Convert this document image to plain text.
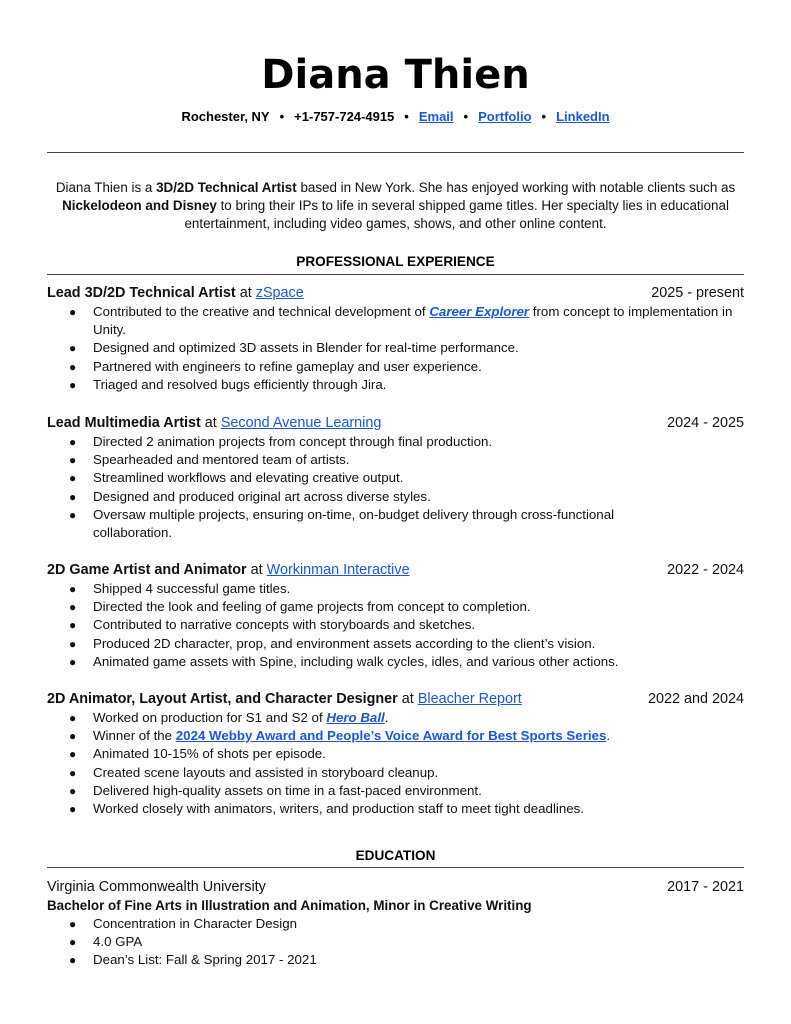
Diana Thien
Rochester, NY • +1-757-724-4915 • Email • Portfolio • LinkedIn
Diana Thien is a 3D/2D Technical Artist based in New York. She has enjoyed working with notable clients such as Nickelodeon and Disney to bring their IPs to life in several shipped game titles. Her specialty lies in educational entertainment, including video games, shows, and other online content.
PROFESSIONAL EXPERIENCE
Lead 3D/2D Technical Artist at zSpace	2025 - present
● Contributed to the creative and technical development of Career Explorer from concept to implementation in Unity.
● Designed and optimized 3D assets in Blender for real-time performance.
● Partnered with engineers to refine gameplay and user experience.
● Triaged and resolved bugs efficiently through Jira.
Lead Multimedia Artist at Second Avenue Learning	2024 - 2025
● Directed 2 animation projects from concept through final production.
● Spearheaded and mentored team of artists.
● Streamlined workflows and elevating creative output.
● Designed and produced original art across diverse styles.
● Oversaw multiple projects, ensuring on-time, on-budget delivery through cross-functional collaboration.
2D Game Artist and Animator at Workinman Interactive	2022 - 2024
● Shipped 4 successful game titles.
● Directed the look and feeling of game projects from concept to completion.
● Contributed to narrative concepts with storyboards and sketches.
● Produced 2D character, prop, and environment assets according to the client’s vision.
● Animated game assets with Spine, including walk cycles, idles, and various other actions.
2D Animator, Layout Artist, and Character Designer at Bleacher Report	2022 and 2024
● Worked on production for S1 and S2 of Hero Ball.
● Winner of the 2024 Webby Award and People’s Voice Award for Best Sports Series.
● Animated 10-15% of shots per episode.
● Created scene layouts and assisted in storyboard cleanup.
● Delivered high-quality assets on time in a fast-paced environment.
● Worked closely with animators, writers, and production staff to meet tight deadlines.
EDUCATION
Virginia Commonwealth University	2017 - 2021
Bachelor of Fine Arts in Illustration and Animation, Minor in Creative Writing
● Concentration in Character Design
● 4.0 GPA
● Dean’s List: Fall & Spring 2017 - 2021
